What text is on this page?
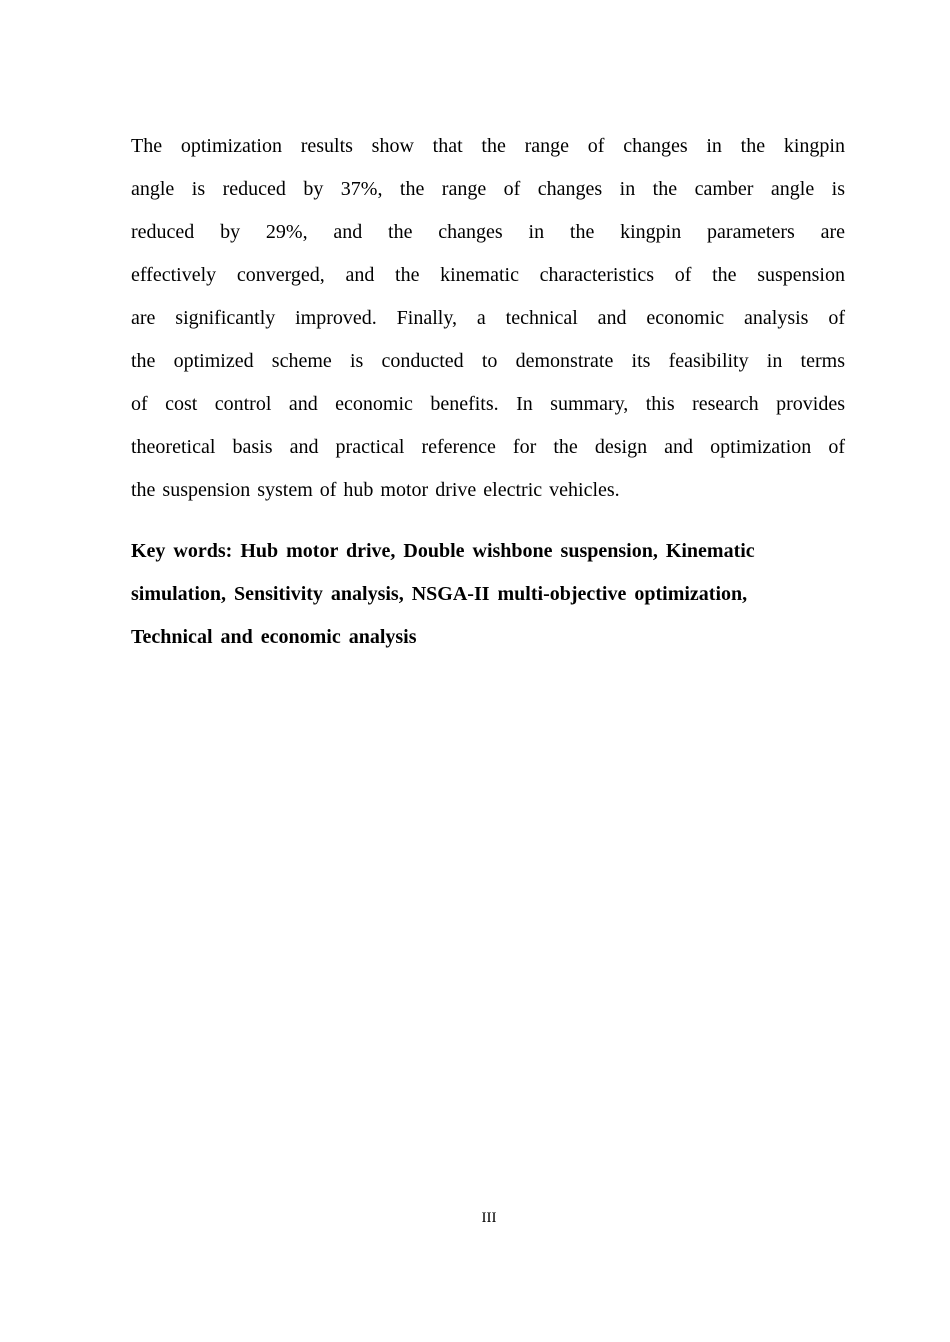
The optimization results show that the range of changes in the kingpin
angle is reduced by 37%, the range of changes in the camber angle is
reduced by 29%, and the changes in the kingpin parameters are
effectively converged, and the kinematic characteristics of the suspension
are significantly improved. Finally, a technical and economic analysis of
the optimized scheme is conducted to demonstrate its feasibility in terms
of cost control and economic benefits. In summary, this research provides
theoretical basis and practical reference for the design and optimization of
the suspension system of hub motor drive electric vehicles.
Key words: Hub motor drive, Double wishbone suspension, Kinematic
simulation, Sensitivity analysis, NSGA-II multi-objective optimization,
Technical and economic analysis
III
